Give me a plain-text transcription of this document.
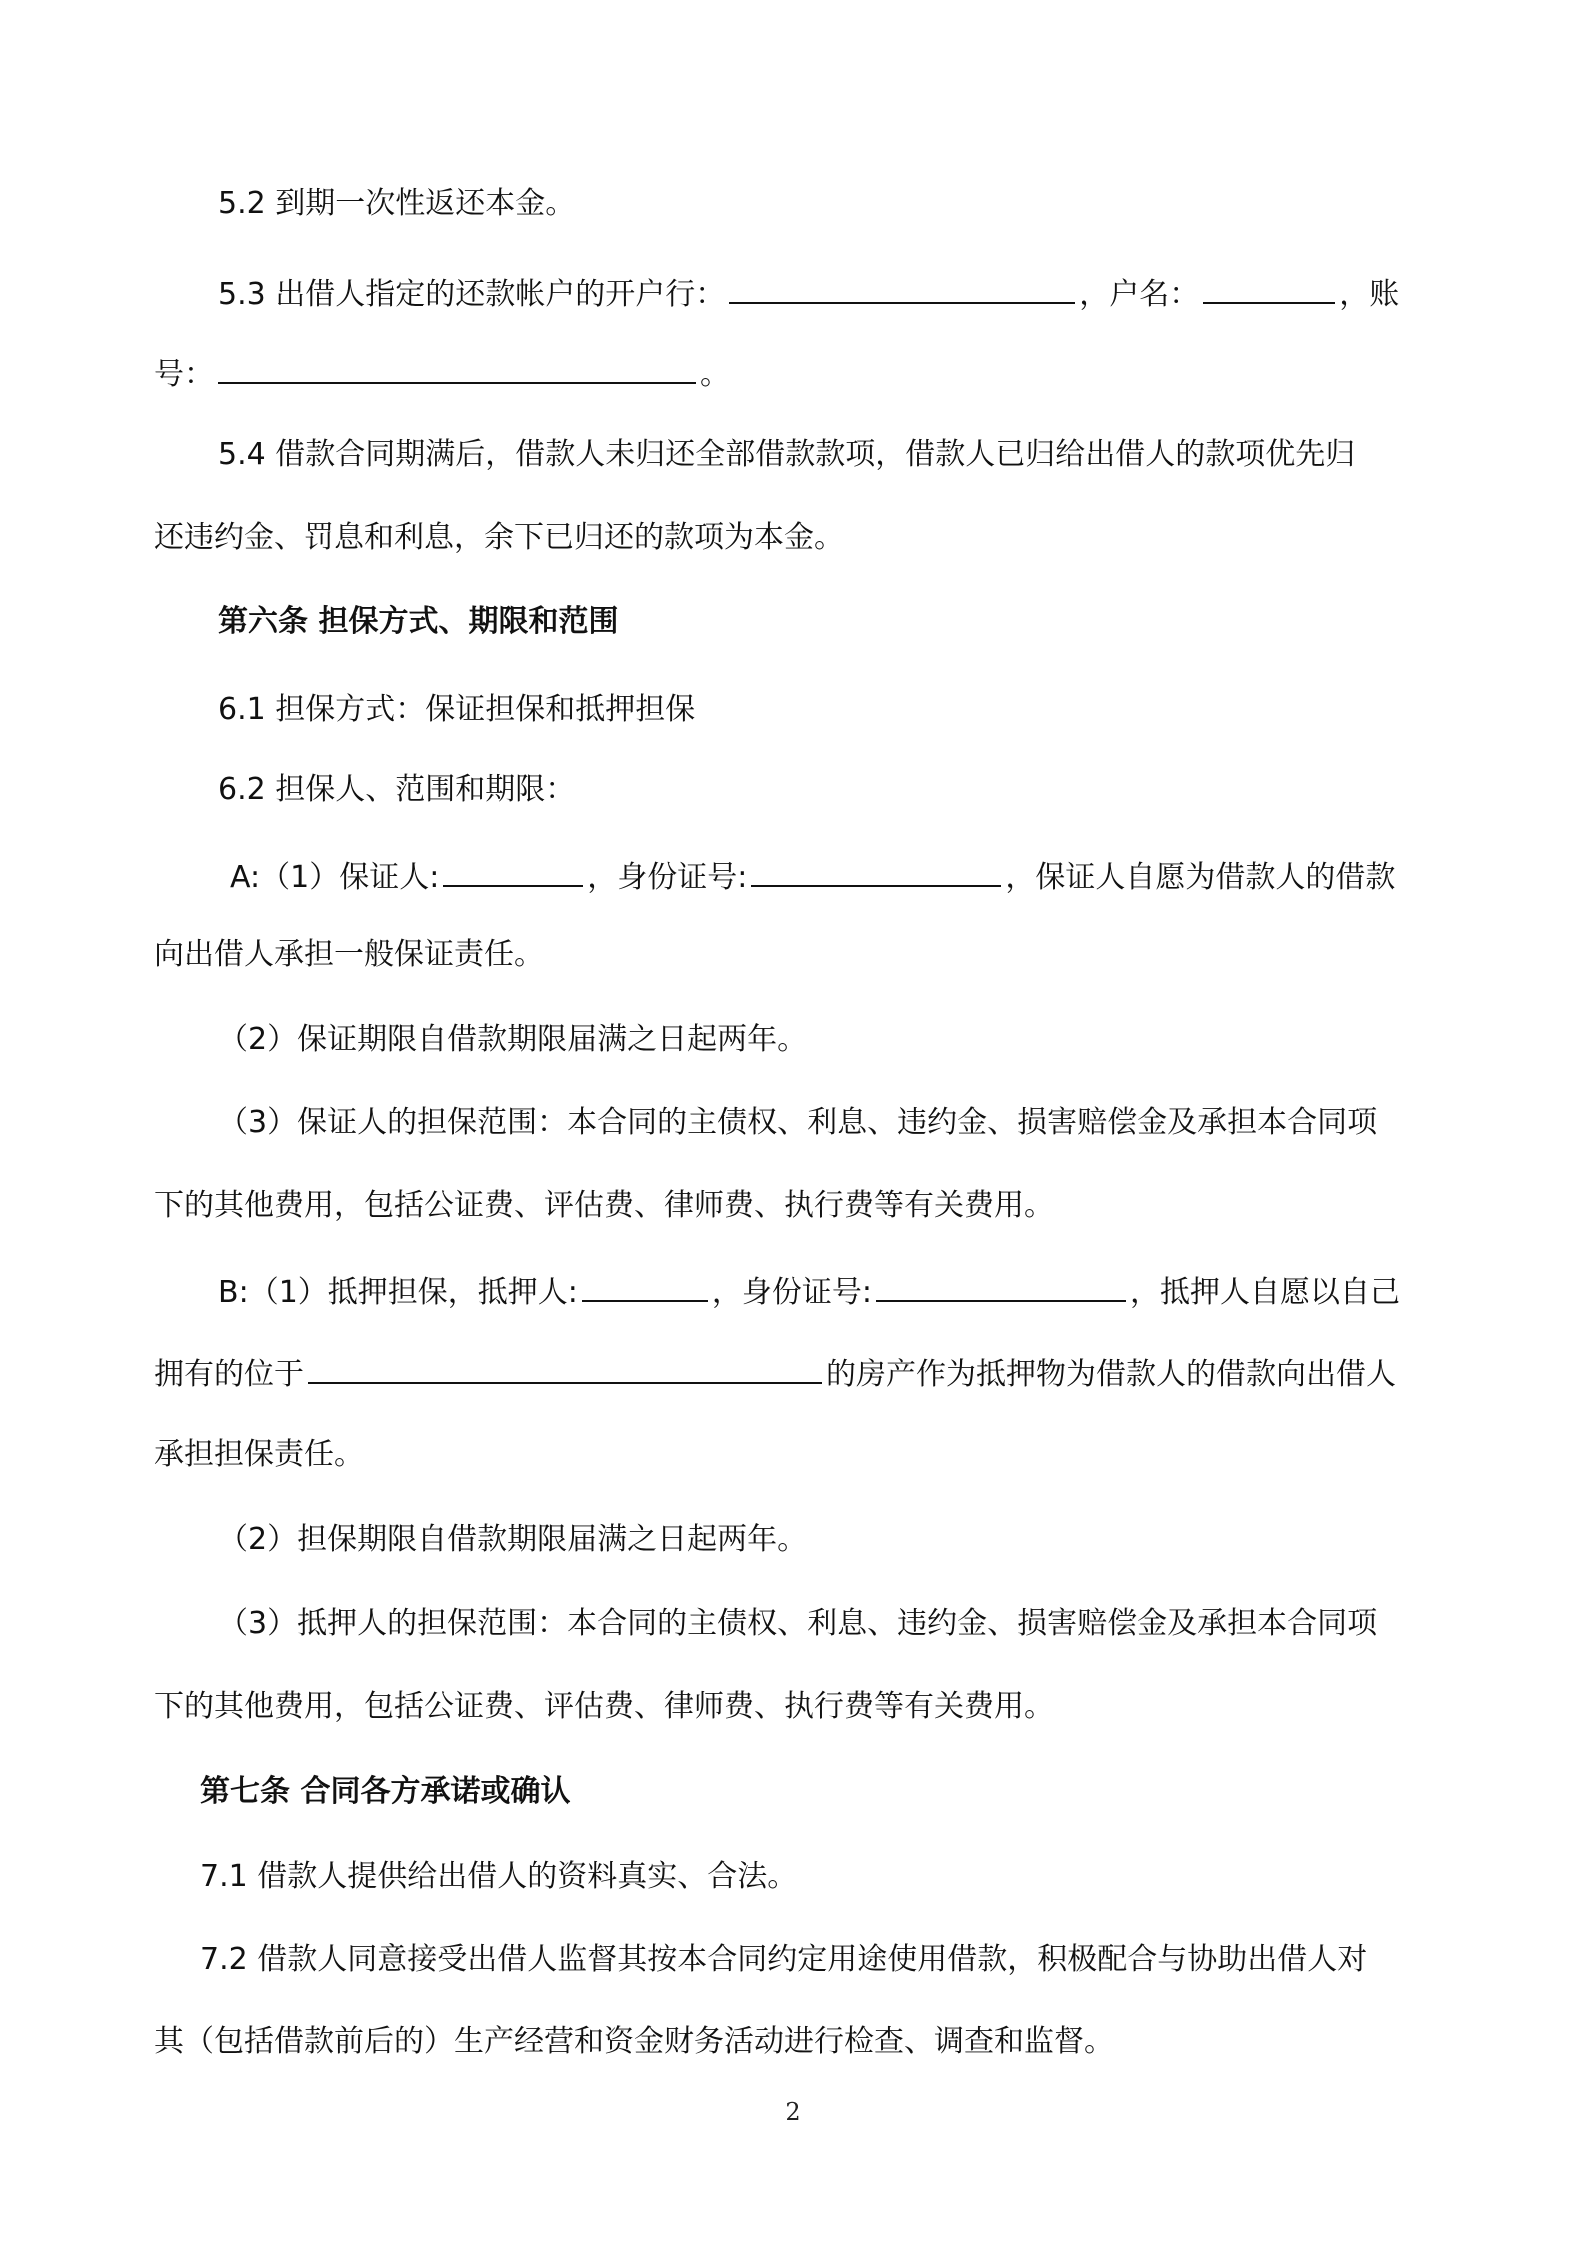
5.2 到期一次性返还本金。
5.3 出借人指定的还款帐户的开户行：	，户名：	，账
号：	。
5.4 借款合同期满后，借款人未归还全部借款款项，借款人已归给出借人的款项优先归
还违约金、罚息和利息，余下已归还的款项为本金。
第六条 担保方式、期限和范围
6.1 担保方式：保证担保和抵押担保
6.2 担保人、范围和期限：
A:（1）保证人:	，身份证号:	，保证人自愿为借款人的借款
向出借人承担一般保证责任。
（2）保证期限自借款期限届满之日起两年。
（3）保证人的担保范围：本合同的主债权、利息、违约金、损害赔偿金及承担本合同项
下的其他费用，包括公证费、评估费、律师费、执行费等有关费用。
B:（1）抵押担保，抵押人:	，身份证号:	，抵押人自愿以自己
拥有的位于	的房产作为抵押物为借款人的借款向出借人
承担担保责任。
（2）担保期限自借款期限届满之日起两年。
（3）抵押人的担保范围：本合同的主债权、利息、违约金、损害赔偿金及承担本合同项
下的其他费用，包括公证费、评估费、律师费、执行费等有关费用。
第七条 合同各方承诺或确认
7.1 借款人提供给出借人的资料真实、合法。
7.2 借款人同意接受出借人监督其按本合同约定用途使用借款，积极配合与协助出借人对
其（包括借款前后的）生产经营和资金财务活动进行检查、调查和监督。
2
